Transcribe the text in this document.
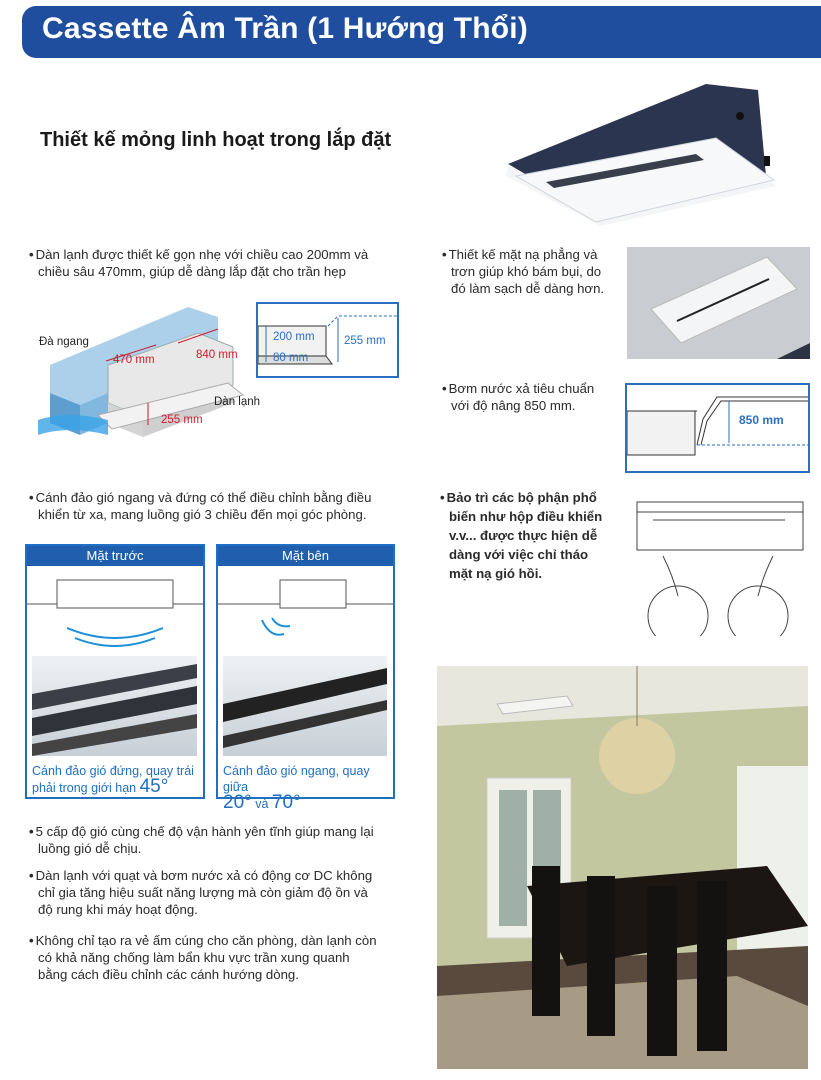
Cassette Âm Trần (1 Hướng Thổi)
Thiết kế mỏng linh hoạt trong lắp đặt
• Dàn lạnh được thiết kế gọn nhẹ với chiều cao 200mm và
chiều sâu 470mm, giúp dễ dàng lắp đặt cho trần hẹp
Đà ngang
470 mm	840 mm
Dàn lạnh
255 mm
200 mm
80 mm
255 mm
• Cánh đảo gió ngang và đứng có thể điều chỉnh bằng điều
khiển từ xa, mang luồng gió 3 chiều đến mọi góc phòng.
Mặt trước
Cánh đảo gió đứng, quay trái
phải trong giới hạn 45°
Mặt bên
Cánh đảo gió ngang, quay giữa
20° và 70°
• 5 cấp độ gió cùng chế độ vận hành yên tĩnh giúp mang lại
luồng gió dễ chịu.
• Dàn lạnh với quạt và bơm nước xả có động cơ DC không
chỉ gia tăng hiệu suất năng lượng mà còn giảm độ ồn và
độ rung khi máy hoạt động.
• Không chỉ tạo ra vẻ ấm cúng cho căn phòng, dàn lạnh còn
có khả năng chống làm bẩn khu vực trần xung quanh
bằng cách điều chỉnh các cánh hướng dòng.
• Thiết kế mặt nạ phẳng và
trơn giúp khó bám bụi, do
đó làm sạch dễ dàng hơn.
• Bơm nước xả tiêu chuẩn
với độ nâng 850 mm.
850 mm
• Bảo trì các bộ phận phổ
biến như hộp điều khiển
v.v... được thực hiện dễ
dàng với việc chỉ tháo
mặt nạ gió hồi.
